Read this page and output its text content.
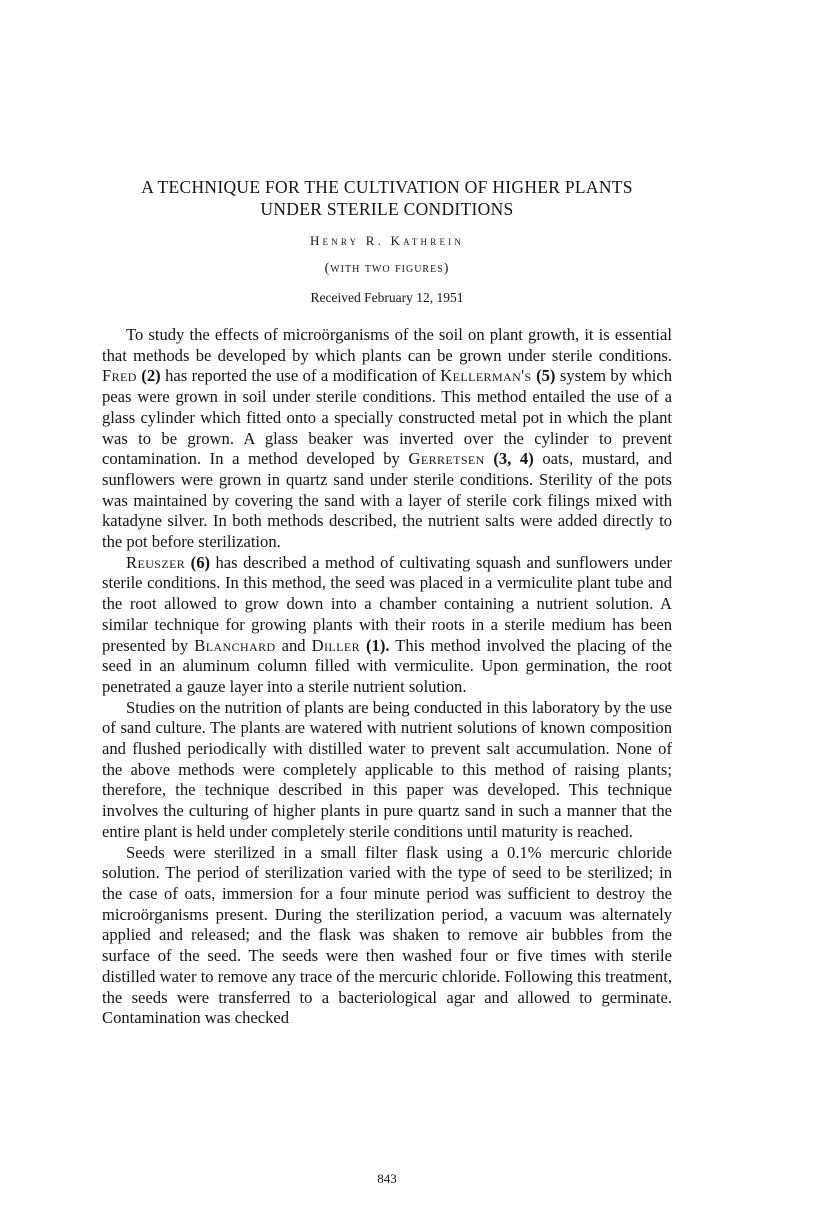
A TECHNIQUE FOR THE CULTIVATION OF HIGHER PLANTS
UNDER STERILE CONDITIONS
Henry R. Kathrein
(with two figures)
Received February 12, 1951

To study the effects of microörganisms of the soil on plant growth, it is essential that methods be developed by which plants can be grown under sterile conditions. Fred (2) has reported the use of a modification of Kellerman's (5) system by which peas were grown in soil under sterile conditions. This method entailed the use of a glass cylinder which fitted onto a specially constructed metal pot in which the plant was to be grown. A glass beaker was inverted over the cylinder to prevent contamination. In a method developed by Gerretsen (3, 4) oats, mustard, and sunflowers were grown in quartz sand under sterile conditions. Sterility of the pots was maintained by covering the sand with a layer of sterile cork filings mixed with katadyne silver. In both methods described, the nutrient salts were added directly to the pot before sterilization.

Reuszer (6) has described a method of cultivating squash and sunflowers under sterile conditions. In this method, the seed was placed in a vermiculite plant tube and the root allowed to grow down into a chamber containing a nutrient solution. A similar technique for growing plants with their roots in a sterile medium has been presented by Blanchard and Diller (1). This method involved the placing of the seed in an aluminum column filled with vermiculite. Upon germination, the root penetrated a gauze layer into a sterile nutrient solution.

Studies on the nutrition of plants are being conducted in this laboratory by the use of sand culture. The plants are watered with nutrient solutions of known composition and flushed periodically with distilled water to prevent salt accumulation. None of the above methods were completely applicable to this method of raising plants; therefore, the technique described in this paper was developed. This technique involves the culturing of higher plants in pure quartz sand in such a manner that the entire plant is held under completely sterile conditions until maturity is reached.

Seeds were sterilized in a small filter flask using a 0.1% mercuric chloride solution. The period of sterilization varied with the type of seed to be sterilized; in the case of oats, immersion for a four minute period was sufficient to destroy the microörganisms present. During the sterilization period, a vacuum was alternately applied and released; and the flask was shaken to remove air bubbles from the surface of the seed. The seeds were then washed four or five times with sterile distilled water to remove any trace of the mercuric chloride. Following this treatment, the seeds were transferred to a bacteriological agar and allowed to germinate. Contamination was checked

843
